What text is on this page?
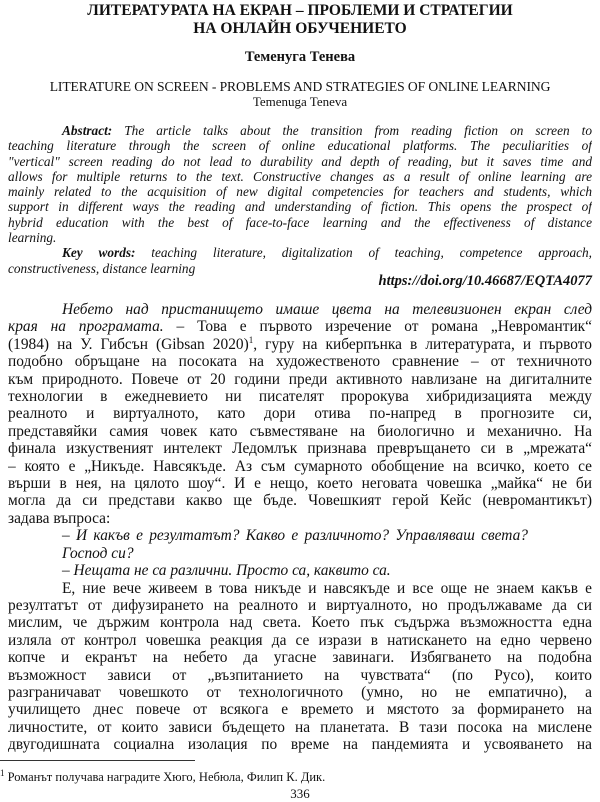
ЛИТЕРАТУРАТА НА ЕКРАН – ПРОБЛЕМИ И СТРАТЕГИИ
НА ОНЛАЙН ОБУЧЕНИЕТО
Теменуга Тенева
LITERATURE ON SCREEN - PROBLEMS AND STRATEGIES OF ONLINE LEARNING
Temenuga Teneva
Abstract: The article talks about the transition from reading fiction on screen to
teaching literature through the screen of online educational platforms. The peculiarities of
"vertical" screen reading do not lead to durability and depth of reading, but it saves time and
allows for multiple returns to the text. Constructive changes as a result of online learning are
mainly related to the acquisition of new digital competencies for teachers and students, which
support in different ways the reading and understanding of fiction. This opens the prospect of
hybrid education with the best of face-to-face learning and the effectiveness of distance
learning.
Key words: teaching literature, digitalization of teaching, competence approach,
constructiveness, distance learning
https://doi.org/10.46687/EQTA4077
Небето над пристанището имаше цвета на телевизионен екран след
края на програмата. – Това е първото изречение от романа „Невромантик“
(1984) на У. Гибсън (Gibsan 2020)$^1$, гуру на киберпънка в литературата, и първото
подобно обръщане на посоката на художественото сравнение – от техничното
към природното. Повече от 20 години преди активното навлизане на дигиталните
технологии в ежедневието ни писателят пророкува хибридизацията между
реалното и виртуалното, като дори отива по-напред в прогнозите си,
представяйки самия човек като съвместяване на биологично и механично. На
финала изкуственият интелект Ледомлък признава превръщането си в „мрежата“
– която е „Никъде. Навсякъде. Аз съм сумарното обобщение на всичко, което се
върши в нея, на цялото шоу“. И е нещо, което неговата човешка „майка“ не би
могла да си представи какво ще бъде. Човешкият герой Кейс (невромантикът)
задава въпроса:
– И какъв е резултатът? Какво е различното? Управляваш света?
Господ си?
– Нещата не са различни. Просто са, каквито са.
Е, ние вече живеем в това никъде и навсякъде и все още не знаем какъв е
резултатът от дифузирането на реалното и виртуалното, но продължаваме да си
мислим, че държим контрола над света. Което пък съдържа възможността една
изляла от контрол човешка реакция да се изрази в натискането на едно червено
копче и екранът на небето да угасне завинаги. Избягването на подобна
възможност зависи от „възпитанието на чувствата“ (по Русо), които
разграничават човешкото от технологичното (умно, но не емпатично), а
училището днес повече от всякога е времето и мястото за формирането на
личностите, от които зависи бъдещето на планетата. В тази посока на мислене
двугодишната социална изолация по време на пандемията и усвояването на
$^1$ Романът получава наградите Хюго, Небюла, Филип К. Дик.
336
